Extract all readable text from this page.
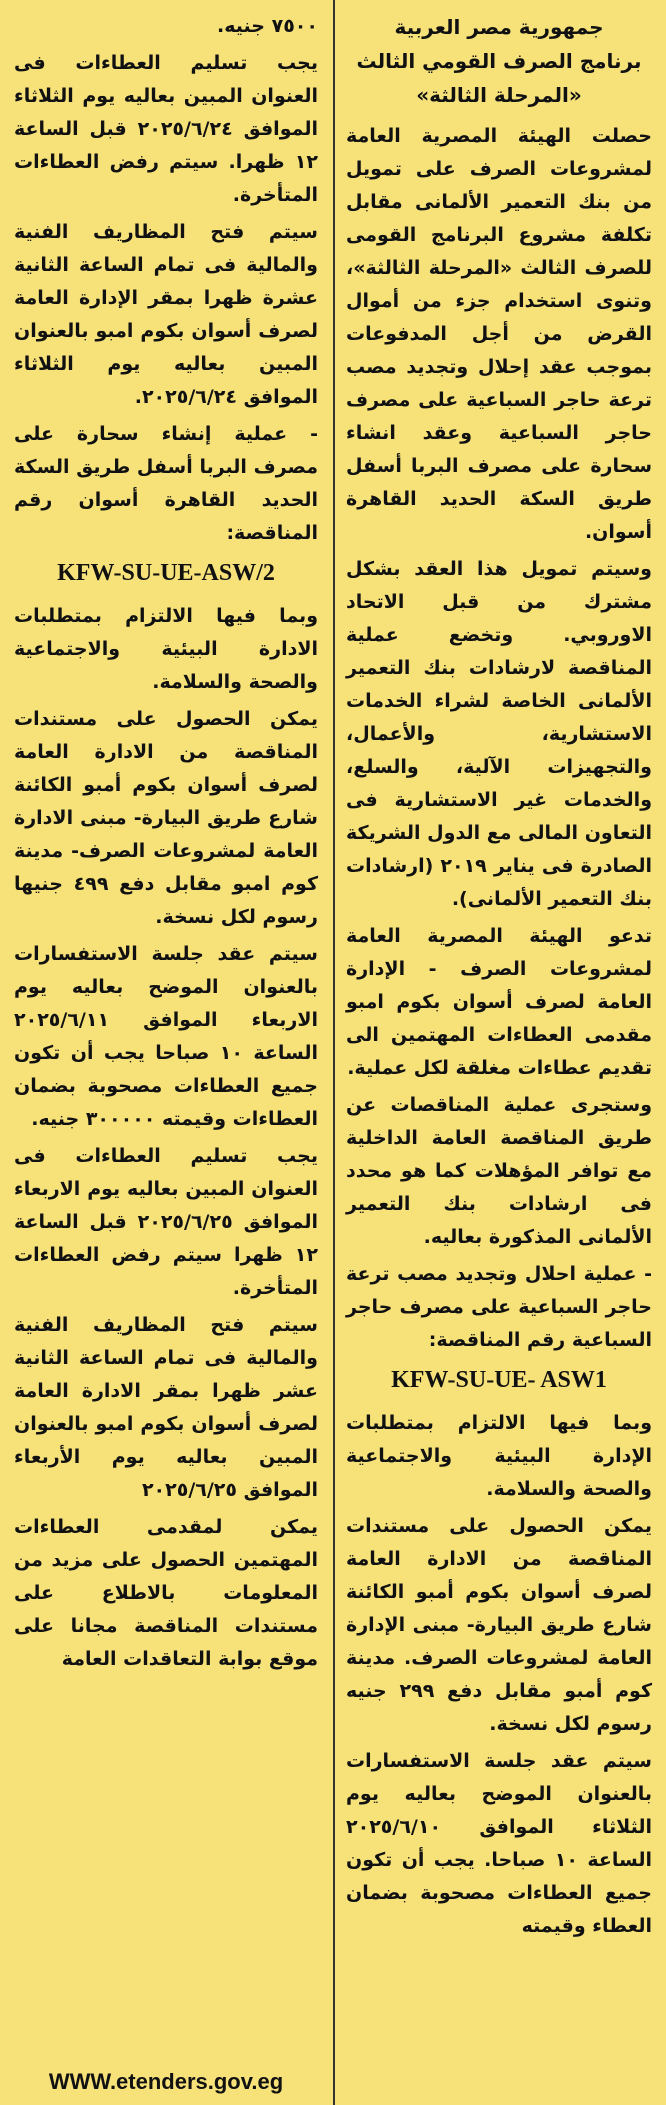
٧٥٠٠ جنيه.

يجب تسليم العطاءات فى العنوان المبين بعاليه يوم الثلاثاء الموافق ٢٠٢٥/٦/٢٤ قبل الساعة ١٢ ظهرا. سيتم رفض العطاءات المتأخرة.

سيتم فتح المظاريف الفنية والمالية فى تمام الساعة الثانية عشرة ظهرا بمقر الإدارة العامة لصرف أسوان بكوم امبو بالعنوان المبين بعاليه يوم الثلاثاء الموافق ٢٠٢٥/٦/٢٤.

- عملية إنشاء سحارة على مصرف البربا أسفل طريق السكة الحديد القاهرة أسوان رقم المناقصة:

KFW-SU-UE-ASW/2

وبما فيها الالتزام بمتطلبات الادارة البيئية والاجتماعية والصحة والسلامة.

يمكن الحصول على مستندات المناقصة من الادارة العامة لصرف أسوان بكوم أمبو الكائنة شارع طريق البيارة- مبنى الادارة العامة لمشروعات الصرف- مدينة كوم امبو مقابل دفع ٤٩٩ جنيها رسوم لكل نسخة.

سيتم عقد جلسة الاستفسارات بالعنوان الموضح بعاليه يوم الاربعاء الموافق ٢٠٢٥/٦/١١ الساعة ١٠ صباحا يجب أن تكون جميع العطاءات مصحوبة بضمان العطاءات وقيمته ٣٠٠٠٠٠ جنيه.

يجب تسليم العطاءات فى العنوان المبين بعاليه يوم الاربعاء الموافق ٢٠٢٥/٦/٢٥ قبل الساعة ١٢ ظهرا سيتم رفض العطاءات المتأخرة.

سيتم فتح المظاريف الفنية والمالية فى تمام الساعة الثانية عشر ظهرا بمقر الادارة العامة لصرف أسوان بكوم امبو بالعنوان المبين بعاليه يوم الأربعاء الموافق ٢٠٢٥/٦/٢٥

يمكن لمقدمى العطاءات المهتمين الحصول على مزيد من المعلومات بالاطلاع على مستندات المناقصة مجانا على موقع بوابة التعاقدات العامة

WWW.etenders.gov.eg

جمهورية مصر العربية

برنامج الصرف القومي الثالث

«المرحلة الثالثة»

حصلت الهيئة المصرية العامة لمشروعات الصرف على تمويل من بنك التعمير الألمانى مقابل تكلفة مشروع البرنامج القومى للصرف الثالث «المرحلة الثالثة»، وتنوى استخدام جزء من أموال القرض من أجل المدفوعات بموجب عقد إحلال وتجديد مصب ترعة حاجر السباعية على مصرف حاجر السباعية وعقد انشاء سحارة على مصرف البربا أسفل طريق السكة الحديد القاهرة أسوان.

وسيتم تمويل هذا العقد بشكل مشترك من قبل الاتحاد الاوروبي. وتخضع عملية المناقصة لارشادات بنك التعمير الألمانى الخاصة لشراء الخدمات الاستشارية، والأعمال، والتجهيزات الآلية، والسلع، والخدمات غير الاستشارية فى التعاون المالى مع الدول الشريكة الصادرة فى يناير ٢٠١٩ (ارشادات بنك التعمير الألمانى).

تدعو الهيئة المصرية العامة لمشروعات الصرف - الإدارة العامة لصرف أسوان بكوم امبو مقدمى العطاءات المهتمين الى تقديم عطاءات مغلقة لكل عملية.

وستجرى عملية المناقصات عن طريق المناقصة العامة الداخلية مع توافر المؤهلات كما هو محدد فى ارشادات بنك التعمير الألمانى المذكورة بعاليه.

- عملية احلال وتجديد مصب ترعة حاجر السباعية على مصرف حاجر السباعية رقم المناقصة:

KFW-SU-UE- ASW1

وبما فيها الالتزام بمتطلبات الإدارة البيئية والاجتماعية والصحة والسلامة.

يمكن الحصول على مستندات المناقصة من الادارة العامة لصرف أسوان بكوم أمبو الكائنة شارع طريق البيارة- مبنى الإدارة العامة لمشروعات الصرف. مدينة كوم أمبو مقابل دفع ٢٩٩ جنيه رسوم لكل نسخة.

سيتم عقد جلسة الاستفسارات بالعنوان الموضح بعاليه يوم الثلاثاء الموافق ٢٠٢٥/٦/١٠ الساعة ١٠ صباحا. يجب أن تكون جميع العطاءات مصحوبة بضمان العطاء وقيمته
